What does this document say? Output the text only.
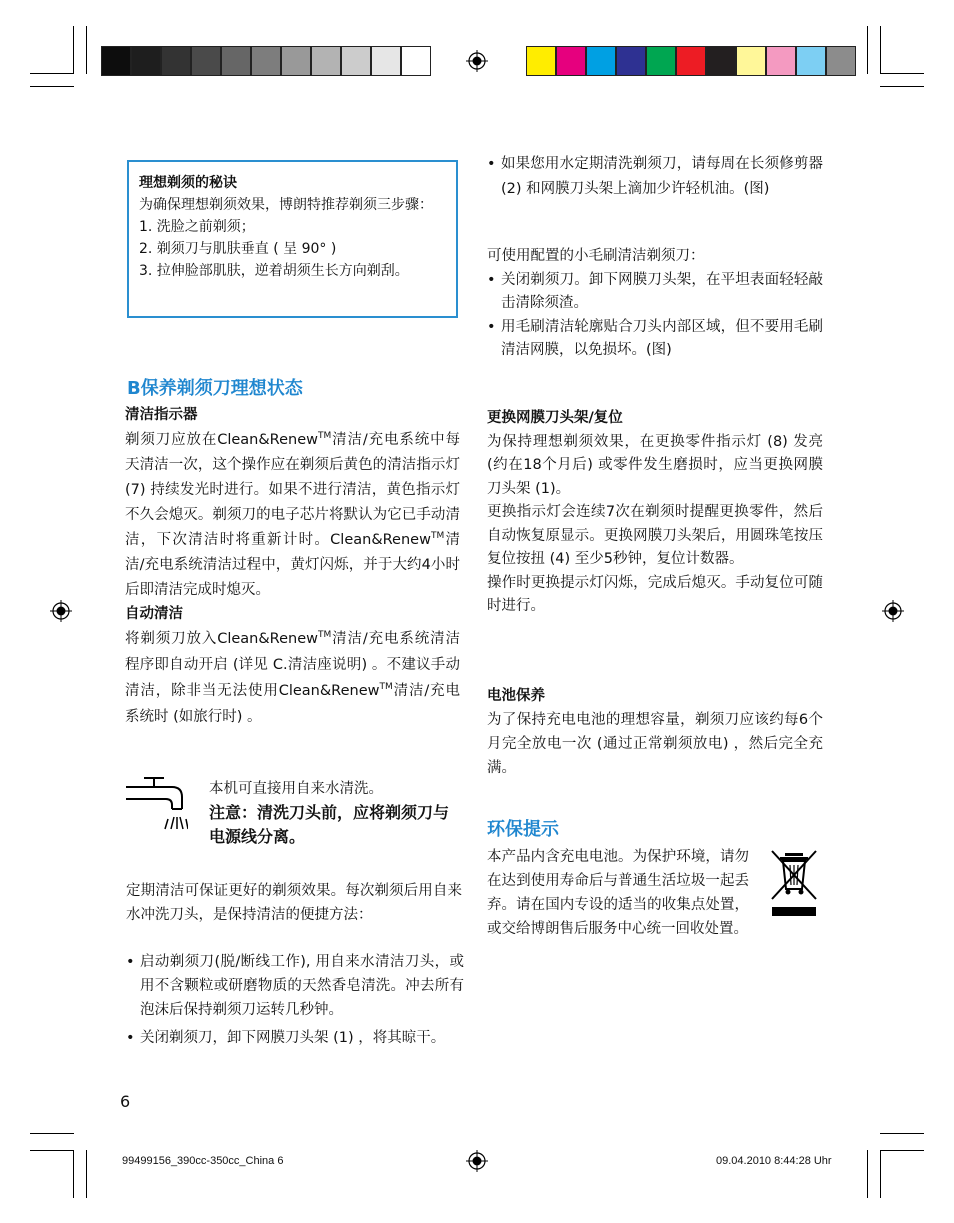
理想剃须的秘诀
为确保理想剃须效果，博朗特推荐剃须三步骤：
1. 洗脸之前剃须；
2. 剃须刀与肌肤垂直 ( 呈 90° )
3. 拉伸脸部肌肤，逆着胡须生长方向剃刮。
B保养剃须刀理想状态
清洁指示器
剃须刀应放在Clean&Renew™清洁/充电系统中每天清洁一次，这个操作应在剃须后黄色的清洁指示灯 (7) 持续发光时进行。如果不进行清洁，黄色指示灯不久会熄灭。剃须刀的电子芯片将默认为它已手动清洁，下次清洁时将重新计时。Clean&Renew™清洁/充电系统清洁过程中，黄灯闪烁，并于大约4小时后即清洁完成时熄灭。
自动清洁
将剃须刀放入Clean&Renew™清洁/充电系统清洁程序即自动开启 (详见 C.清洁座说明) 。不建议手动清洁，除非当无法使用Clean&Renew™清洁/充电系统时 (如旅行时) 。
本机可直接用自来水清洗。
注意：清洗刀头前，应将剃须刀与电源线分离。
定期清洁可保证更好的剃须效果。每次剃须后用自来水冲洗刀头，是保持清洁的便捷方法：
• 启动剃须刀(脱/断线工作), 用自来水清洁刀头，或用不含颗粒或研磨物质的天然香皂清洗。冲去所有泡沫后保持剃须刀运转几秒钟。
• 关闭剃须刀，卸下网膜刀头架 (1) ，将其晾干。
• 如果您用水定期清洗剃须刀，请每周在长须修剪器 (2) 和网膜刀头架上滴加少许轻机油。(图)
可使用配置的小毛刷清洁剃须刀：
• 关闭剃须刀。卸下网膜刀头架，在平坦表面轻轻敲击清除须渣。
• 用毛刷清洁轮廓贴合刀头内部区域，但不要用毛刷清洁网膜，以免损坏。(图)
更换网膜刀头架/复位
为保持理想剃须效果，在更换零件指示灯 (8) 发亮 (约在18个月后) 或零件发生磨损时，应当更换网膜刀头架 (1)。
更换指示灯会连续7次在剃须时提醒更换零件，然后自动恢复原显示。更换网膜刀头架后，用圆珠笔按压复位按扭 (4) 至少5秒钟，复位计数器。
操作时更换提示灯闪烁，完成后熄灭。手动复位可随时进行。
电池保养
为了保持充电电池的理想容量，剃须刀应该约每6个月完全放电一次 (通过正常剃须放电) ，然后完全充满。
环保提示
本产品内含充电电池。为保护环境，请勿在达到使用寿命后与普通生活垃圾一起丢弃。请在国内专设的适当的收集点处置，或交给博朗售后服务中心统一回收处置。
6
99499156_390cc-350cc_China 6	09.04.2010 8:44:28 Uhr
